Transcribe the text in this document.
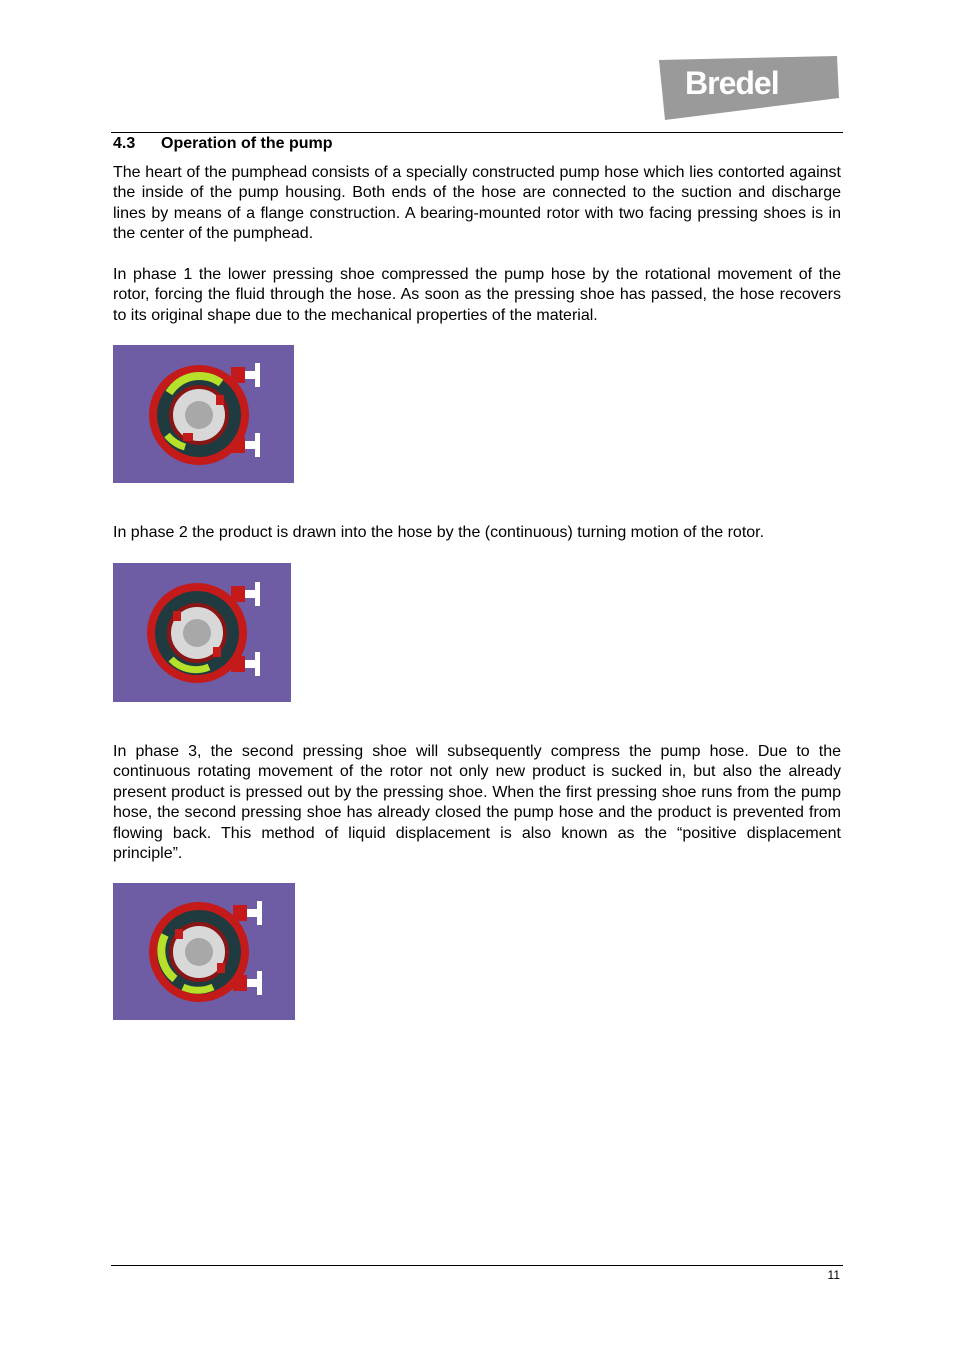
Bredel
4.3 Operation of the pump

The heart of the pumphead consists of a specially constructed pump hose which lies contorted against the inside of the pump housing. Both ends of the hose are connected to the suction and discharge lines by means of a flange construction. A bearing-mounted rotor with two facing pressing shoes is in the center of the pumphead.

In phase 1 the lower pressing shoe compressed the pump hose by the rotational movement of the rotor, forcing the fluid through the hose. As soon as the pressing shoe has passed, the hose recovers to its original shape due to the mechanical properties of the material.

In phase 2 the product is drawn into the hose by the (continuous) turning motion of the rotor.

In phase 3, the second pressing shoe will subsequently compress the pump hose. Due to the continuous rotating movement of the rotor not only new product is sucked in, but also the already present product is pressed out by the pressing shoe. When the first pressing shoe runs from the pump hose, the second pressing shoe has already closed the pump hose and the product is prevented from flowing back. This method of liquid displacement is also known as the “positive displacement principle”.

11
